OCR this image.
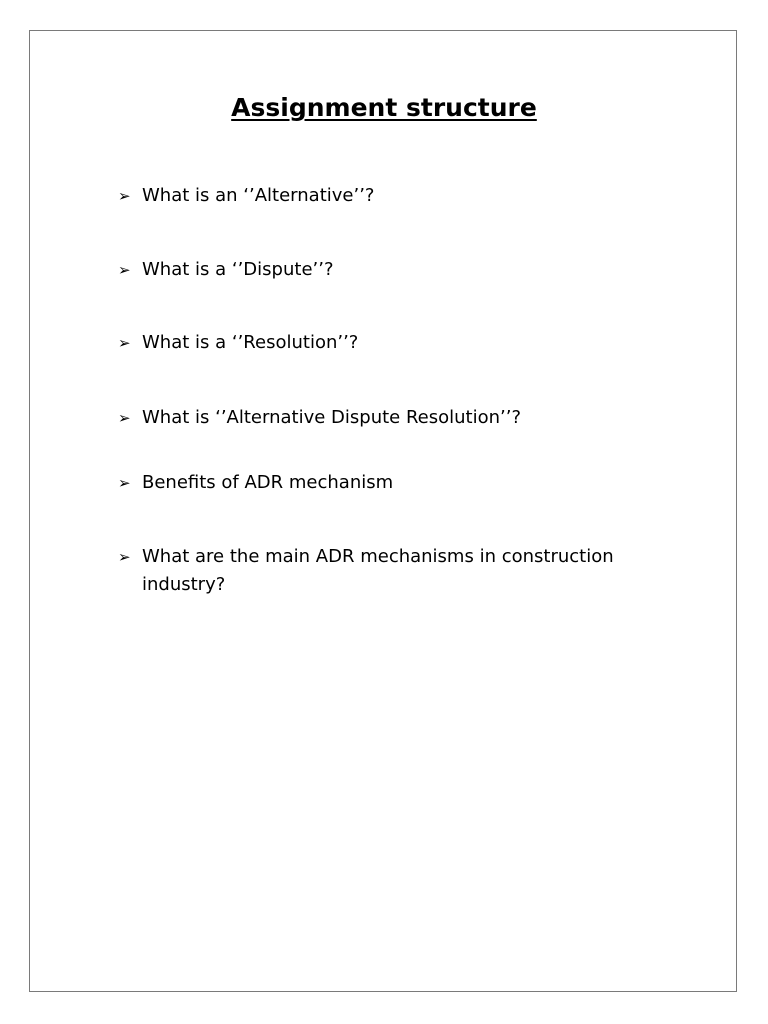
Assignment structure
➢ What is an ‘’Alternative’’?
➢ What is a ‘’Dispute’’?
➢ What is a ‘’Resolution’’?
➢ What is ‘’Alternative Dispute Resolution’’?
➢ Benefits of ADR mechanism
➢ What are the main ADR mechanisms in construction industry?
